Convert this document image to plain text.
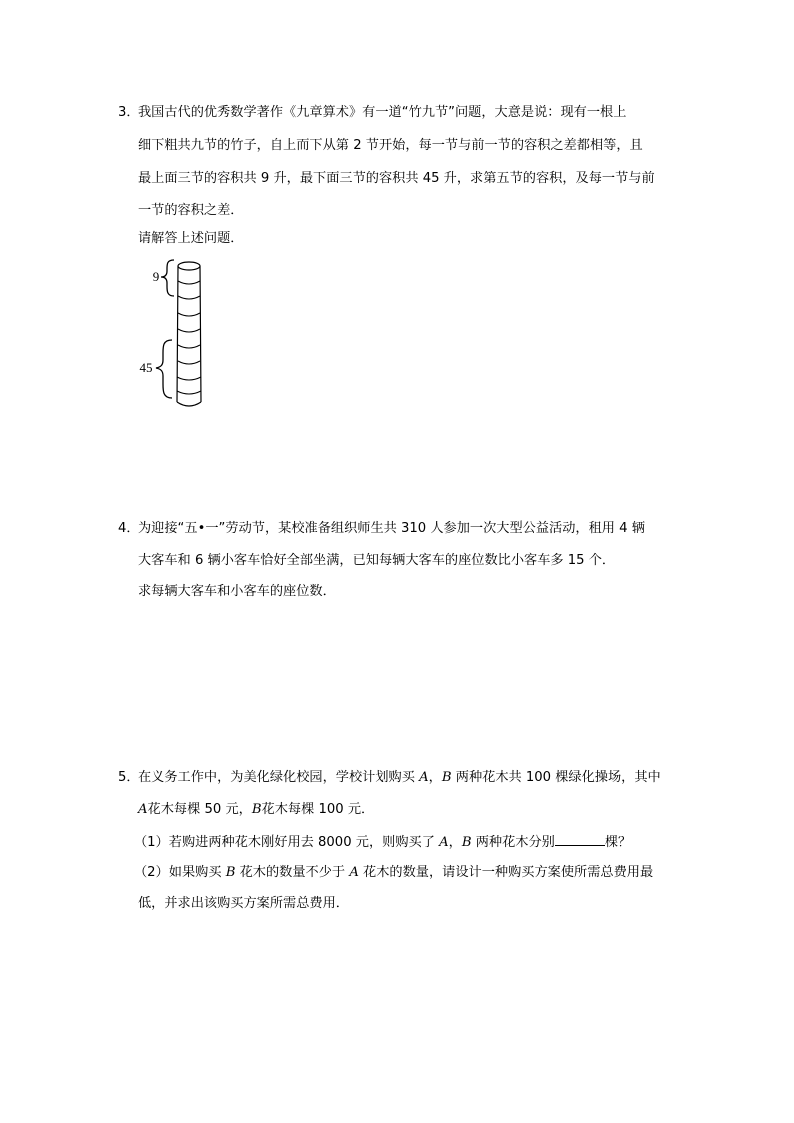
3．我国古代的优秀数学著作《九章算术》有一道“竹九节”问题，大意是说：现有一根上
细下粗共九节的竹子，自上而下从第 2 节开始，每一节与前一节的容积之差都相等，且
最上面三节的容积共 9 升，最下面三节的容积共 45 升，求第五节的容积，及每一节与前
一节的容积之差．
请解答上述问题．
9
45
4．为迎接“五•一”劳动节，某校准备组织师生共 310 人参加一次大型公益活动，租用 4 辆
大客车和 6 辆小客车恰好全部坐满，已知每辆大客车的座位数比小客车多 15 个．
求每辆大客车和小客车的座位数．
5．在义务工作中，为美化绿化校园，学校计划购买 A，B 两种花木共 100 棵绿化操场，其中
A花木每棵 50 元，B花木每棵 100 元．
（1）若购进两种花木刚好用去 8000 元，则购买了 A，B 两种花木分别	棵？
（2）如果购买 B 花木的数量不少于 A 花木的数量，请设计一种购买方案使所需总费用最
低，并求出该购买方案所需总费用．
